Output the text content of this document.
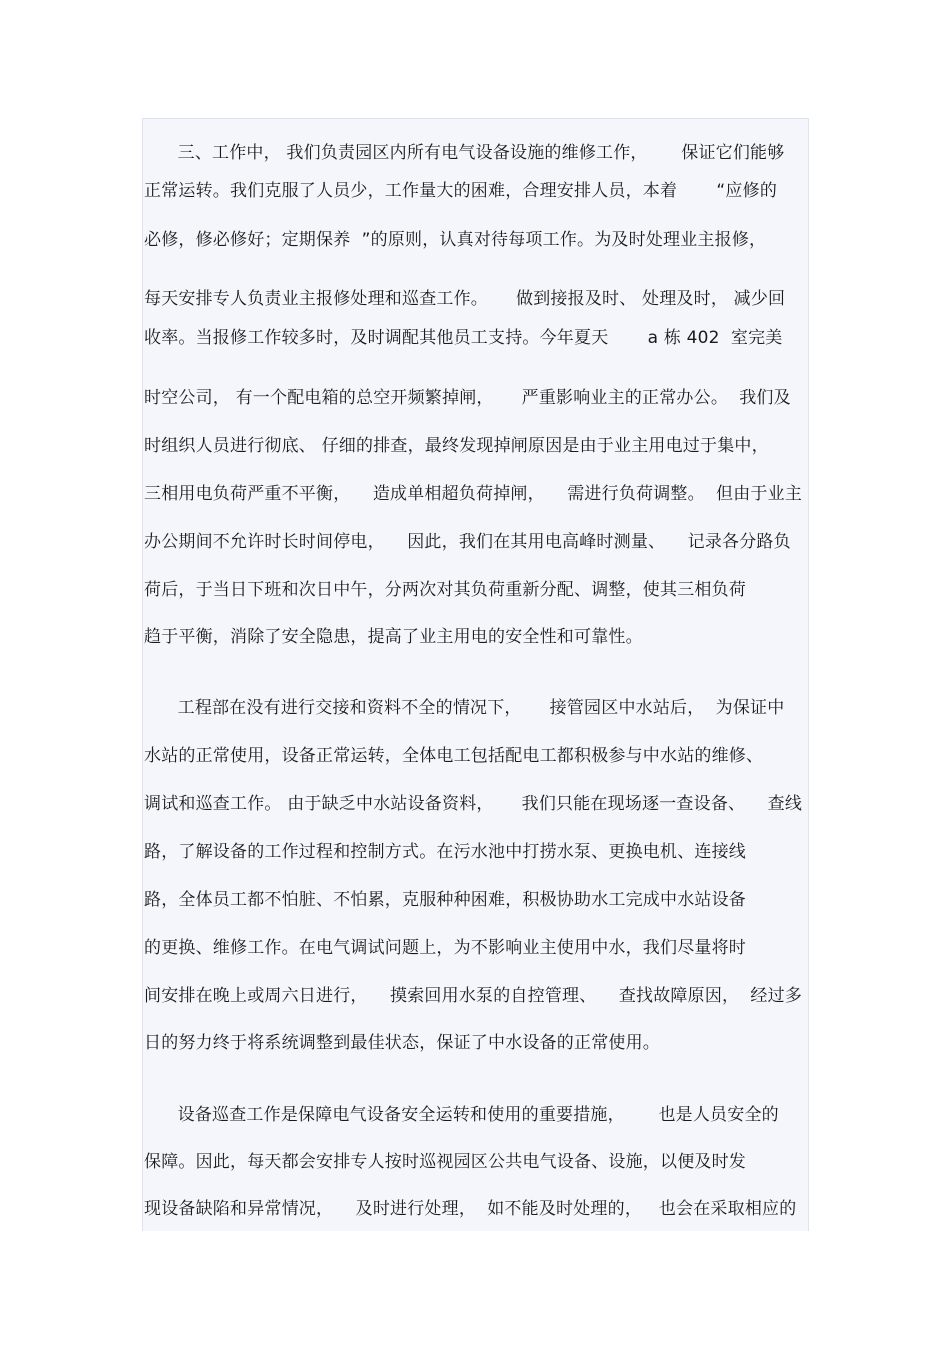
三、工作中， 我们负责园区内所有电气设备设施的维修工作，      保证它们能够
正常运转。我们克服了人员少，工作量大的困难，合理安排人员，本着       “应修的
必修，修必修好；定期保养  ”的原则，认真对待每项工作。为及时处理业主报修，
每天安排专人负责业主报修处理和巡查工作。     做到接报及时、 处理及时， 减少回
收率。当报修工作较多时，及时调配其他员工支持。今年夏天       a 栋 402  室完美
时空公司， 有一个配电箱的总空开频繁掉闸，     严重影响业主的正常办公。  我们及
时组织人员进行彻底、 仔细的排查，最终发现掉闸原因是由于业主用电过于集中，
三相用电负荷严重不平衡，    造成单相超负荷掉闸，    需进行负荷调整。  但由于业主
办公期间不允许时长时间停电，    因此，我们在其用电高峰时测量、    记录各分路负
荷后，于当日下班和次日中午，分两次对其负荷重新分配、调整，使其三相负荷
趋于平衡，消除了安全隐患，提高了业主用电的安全性和可靠性。
工程部在没有进行交接和资料不全的情况下，     接管园区中水站后，  为保证中
水站的正常使用，设备正常运转，全体电工包括配电工都积极参与中水站的维修、
调试和巡查工作。 由于缺乏中水站设备资料，     我们只能在现场逐一查设备、    查线
路，了解设备的工作过程和控制方式。在污水池中打捞水泵、更换电机、连接线
路，全体员工都不怕脏、不怕累，克服种种困难，积极协助水工完成中水站设备
的更换、维修工作。在电气调试问题上，为不影响业主使用中水，我们尽量将时
间安排在晚上或周六日进行，    摸索回用水泵的自控管理、    查找故障原因，  经过多
日的努力终于将系统调整到最佳状态，保证了中水设备的正常使用。
设备巡查工作是保障电气设备安全运转和使用的重要措施，      也是人员安全的
保障。因此，每天都会安排专人按时巡视园区公共电气设备、设施，以便及时发
现设备缺陷和异常情况，    及时进行处理，  如不能及时处理的，   也会在采取相应的
